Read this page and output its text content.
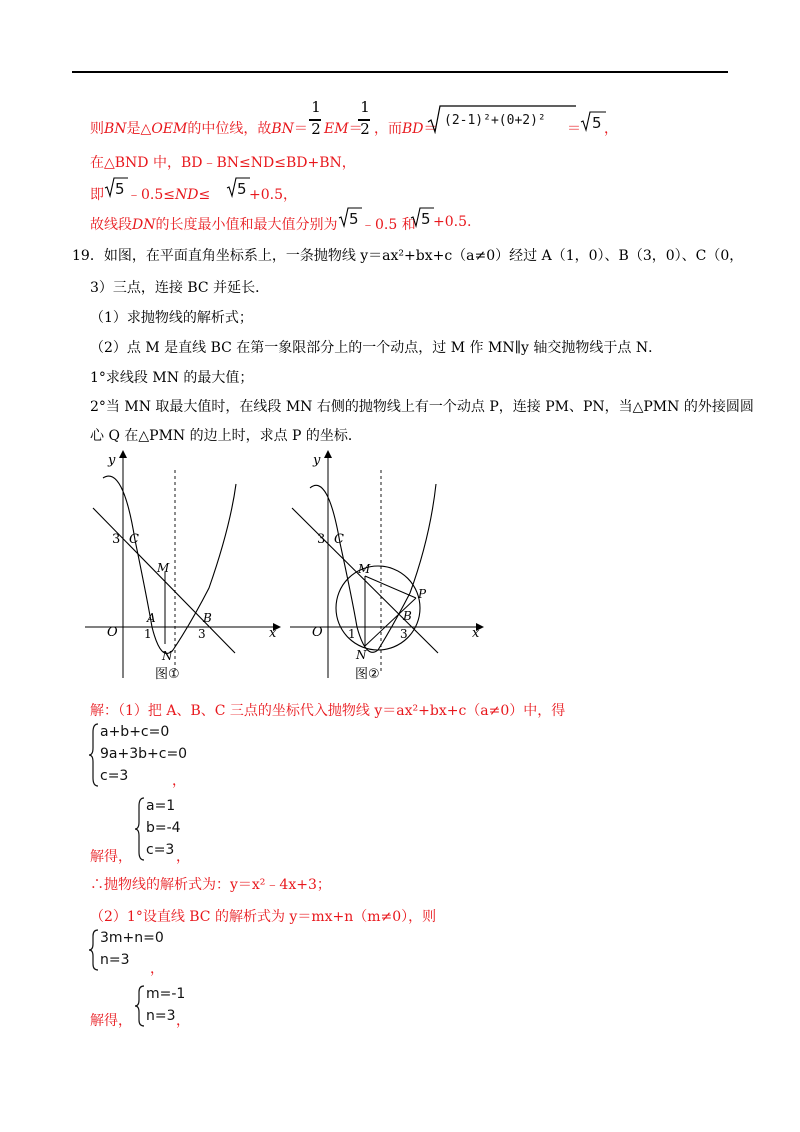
则BN是△OEM的中位线，故BN＝
1
2 EM＝
1
2 ，而BD＝
(2-1)²+(0+2)²
＝ 5 ，
在△BND 中，BD﹣BN≤ND≤BD+BN，
即 5 ﹣0.5≤ND≤ 5 +0.5，
故线段DN的长度最小值和最大值分别为 5 ﹣0.5 和 5 +0.5.
19．如图，在平面直角坐标系上，一条抛物线 y＝ax²+bx+c（a≠0）经过 A（1，0）、B（3，0）、C（0，
3）三点，连接 BC 并延长．
（1）求抛物线的解析式；
（2）点 M 是直线 BC 在第一象限部分上的一个动点，过 M 作 MN∥y 轴交抛物线于点 N．
1°求线段 MN 的最大值；
2°当 MN 取最大值时，在线段 MN 右侧的抛物线上有一个动点 P，连接 PM、PN，当△PMN 的外接圆圆
心 Q 在△PMN 的边上时，求点 P 的坐标．
y
x
O
3 C
M
A
1
B
3
N
图①
y
x
O
3 C
M
P
1
B
3
N
图②
解：（1）把 A、B、C 三点的坐标代入抛物线 y＝ax²+bx+c（a≠0）中，得
a+b+c=0
9a+3b+c=0
c=3	，
解得，
a=1
b=-4
c=3 ，
∴抛物线的解析式为：y＝x²﹣4x+3；
（2）1°设直线 BC 的解析式为 y＝mx+n（m≠0），则
3m+n=0
n=3
，
解得，
m=-1
n=3 ，
